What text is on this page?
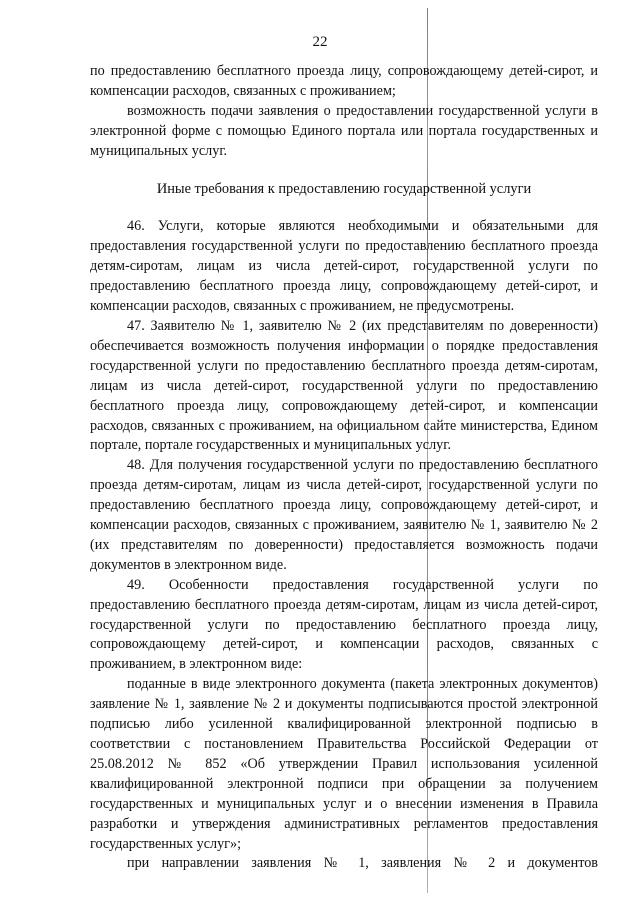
22

по предоставлению бесплатного проезда лицу, сопровождающему детей-сирот, и компенсации расходов, связанных с проживанием;

возможность подачи заявления о предоставлении государственной услуги в электронной форме с помощью Единого портала или портала государственных и муниципальных услуг.

Иные требования к предоставлению государственной услуги

46. Услуги, которые являются необходимыми и обязательными для предоставления государственной услуги по предоставлению бесплатного проезда детям-сиротам, лицам из числа детей-сирот, государственной услуги по предоставлению бесплатного проезда лицу, сопровождающему детей-сирот, и компенсации расходов, связанных с проживанием, не предусмотрены.

47. Заявителю № 1, заявителю № 2 (их представителям по доверенности) обеспечивается возможность получения информации о порядке предоставления государственной услуги по предоставлению бесплатного проезда детям-сиротам, лицам из числа детей-сирот, государственной услуги по предоставлению бесплатного проезда лицу, сопровождающему детей-сирот, и компенсации расходов, связанных с проживанием, на официальном сайте министерства, Едином портале, портале государственных и муниципальных услуг.

48. Для получения государственной услуги по предоставлению бесплатного проезда детям-сиротам, лицам из числа детей-сирот, государственной услуги по предоставлению бесплатного проезда лицу, сопровождающему детей-сирот, и компенсации расходов, связанных с проживанием, заявителю № 1, заявителю № 2 (их представителям по доверенности) предоставляется возможность подачи документов в электронном виде.

49. Особенности предоставления государственной услуги по предоставлению бесплатного проезда детям-сиротам, лицам из числа детей-сирот, государственной услуги по предоставлению бесплатного проезда лицу, сопровождающему детей-сирот, и компенсации расходов, связанных с проживанием, в электронном виде:

поданные в виде электронного документа (пакета электронных документов) заявление № 1, заявление № 2 и документы подписываются простой электронной подписью либо усиленной квалифицированной электронной подписью в соответствии с постановлением Правительства Российской Федерации от 25.08.2012 № 852 «Об утверждении Правил использования усиленной квалифицированной электронной подписи при обращении за получением государственных и муниципальных услуг и о внесении изменения в Правила разработки и утверждения административных регламентов предоставления государственных услуг»;

при направлении заявления № 1, заявления № 2 и документов
